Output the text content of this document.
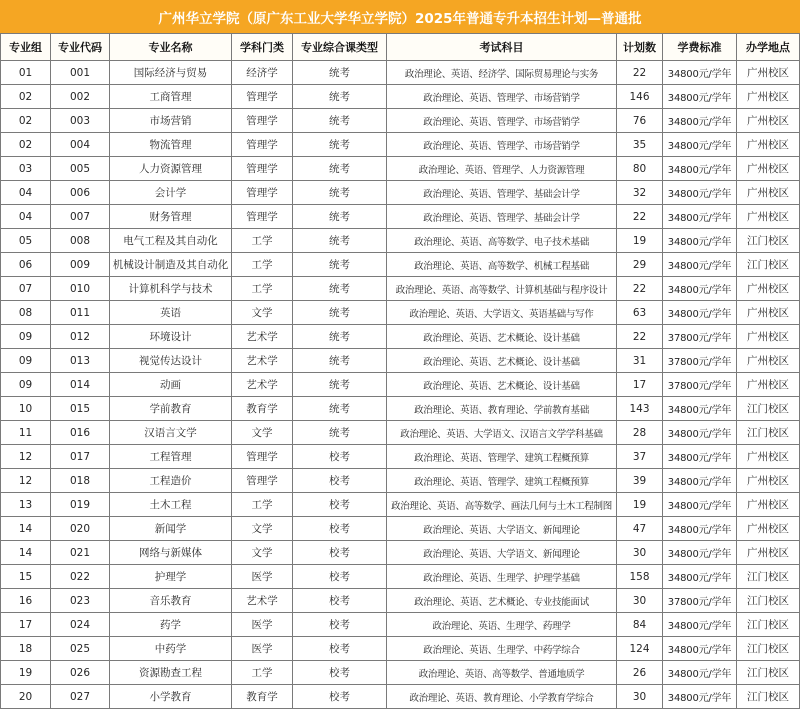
广州华立学院（原广东工业大学华立学院）2025年普通专升本招生计划—普通批
专业组	专业代码	专业名称	学科门类	专业综合课类型	考试科目	计划数	学费标准	办学地点
01	001	国际经济与贸易	经济学	统考	政治理论、英语、经济学、国际贸易理论与实务	22	34800元/学年	广州校区
02	002	工商管理	管理学	统考	政治理论、英语、管理学、市场营销学	146	34800元/学年	广州校区
02	003	市场营销	管理学	统考	政治理论、英语、管理学、市场营销学	76	34800元/学年	广州校区
02	004	物流管理	管理学	统考	政治理论、英语、管理学、市场营销学	35	34800元/学年	广州校区
03	005	人力资源管理	管理学	统考	政治理论、英语、管理学、人力资源管理	80	34800元/学年	广州校区
04	006	会计学	管理学	统考	政治理论、英语、管理学、基础会计学	32	34800元/学年	广州校区
04	007	财务管理	管理学	统考	政治理论、英语、管理学、基础会计学	22	34800元/学年	广州校区
05	008	电气工程及其自动化	工学	统考	政治理论、英语、高等数学、电子技术基础	19	34800元/学年	江门校区
06	009	机械设计制造及其自动化	工学	统考	政治理论、英语、高等数学、机械工程基础	29	34800元/学年	江门校区
07	010	计算机科学与技术	工学	统考	政治理论、英语、高等数学、计算机基础与程序设计	22	34800元/学年	广州校区
08	011	英语	文学	统考	政治理论、英语、大学语文、英语基础与写作	63	34800元/学年	广州校区
09	012	环境设计	艺术学	统考	政治理论、英语、艺术概论、设计基础	22	37800元/学年	广州校区
09	013	视觉传达设计	艺术学	统考	政治理论、英语、艺术概论、设计基础	31	37800元/学年	广州校区
09	014	动画	艺术学	统考	政治理论、英语、艺术概论、设计基础	17	37800元/学年	广州校区
10	015	学前教育	教育学	统考	政治理论、英语、教育理论、学前教育基础	143	34800元/学年	江门校区
11	016	汉语言文学	文学	统考	政治理论、英语、大学语文、汉语言文学学科基础	28	34800元/学年	江门校区
12	017	工程管理	管理学	校考	政治理论、英语、管理学、建筑工程概预算	37	34800元/学年	广州校区
12	018	工程造价	管理学	校考	政治理论、英语、管理学、建筑工程概预算	39	34800元/学年	广州校区
13	019	土木工程	工学	校考	政治理论、英语、高等数学、画法几何与土木工程制图	19	34800元/学年	广州校区
14	020	新闻学	文学	校考	政治理论、英语、大学语文、新闻理论	47	34800元/学年	广州校区
14	021	网络与新媒体	文学	校考	政治理论、英语、大学语文、新闻理论	30	34800元/学年	广州校区
15	022	护理学	医学	校考	政治理论、英语、生理学、护理学基础	158	34800元/学年	江门校区
16	023	音乐教育	艺术学	校考	政治理论、英语、艺术概论、专业技能面试	30	37800元/学年	江门校区
17	024	药学	医学	校考	政治理论、英语、生理学、药理学	84	34800元/学年	江门校区
18	025	中药学	医学	校考	政治理论、英语、生理学、中药学综合	124	34800元/学年	江门校区
19	026	资源勘查工程	工学	校考	政治理论、英语、高等数学、普通地质学	26	34800元/学年	江门校区
20	027	小学教育	教育学	校考	政治理论、英语、教育理论、小学教育学综合	30	34800元/学年	江门校区
